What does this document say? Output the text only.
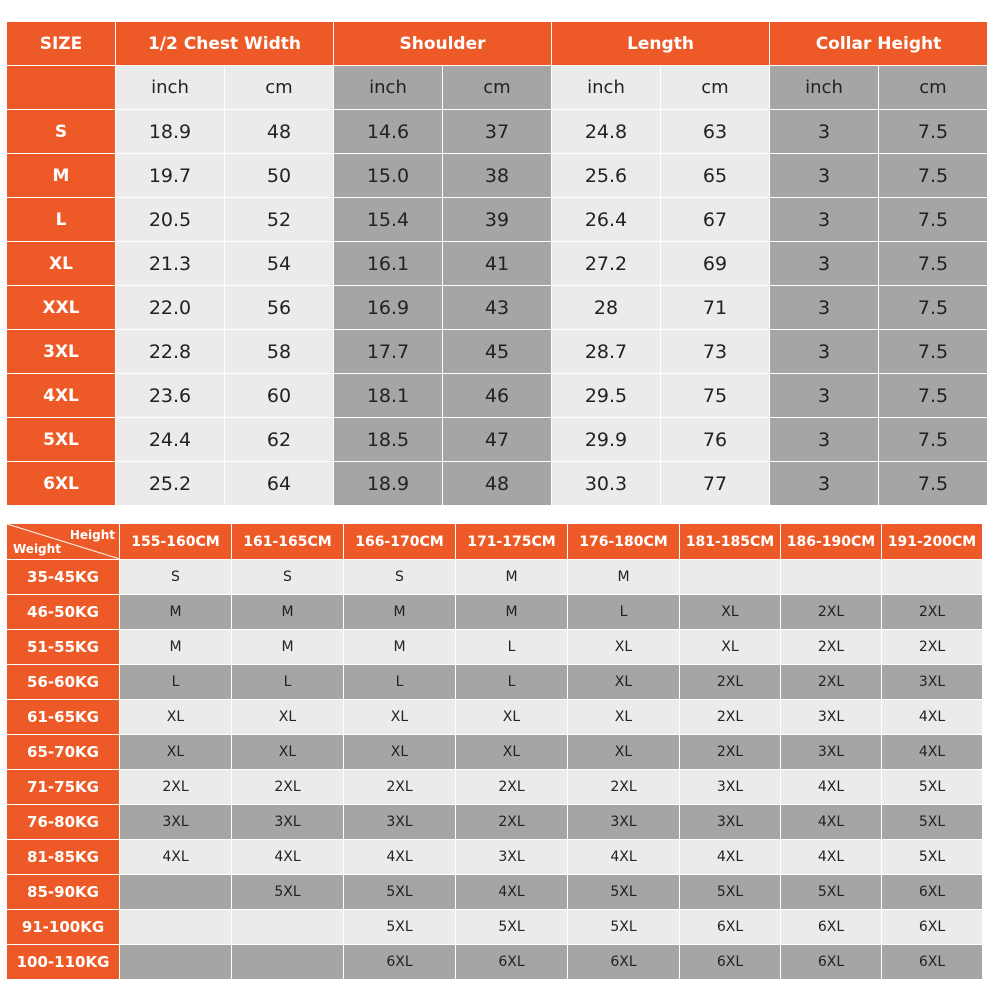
SIZE	1/2 Chest Width		Shoulder		Length		Collar Height	
	inch	cm	inch	cm	inch	cm	inch	cm
S	18.9	48	14.6	37	24.8	63	3	7.5
M	19.7	50	15.0	38	25.6	65	3	7.5
L	20.5	52	15.4	39	26.4	67	3	7.5
XL	21.3	54	16.1	41	27.2	69	3	7.5
XXL	22.0	56	16.9	43	28	71	3	7.5
3XL	22.8	58	17.7	45	28.7	73	3	7.5
4XL	23.6	60	18.1	46	29.5	75	3	7.5
5XL	24.4	62	18.5	47	29.9	76	3	7.5
6XL	25.2	64	18.9	48	30.3	77	3	7.5
Height
Weight	155-160CM	161-165CM	166-170CM	171-175CM	176-180CM	181-185CM	186-190CM	191-200CM
35-45KG	S	S	S	M	M			
46-50KG	M	M	M	M	L	XL	2XL	2XL
51-55KG	M	M	M	L	XL	XL	2XL	2XL
56-60KG	L	L	L	L	XL	2XL	2XL	3XL
61-65KG	XL	XL	XL	XL	XL	2XL	3XL	4XL
65-70KG	XL	XL	XL	XL	XL	2XL	3XL	4XL
71-75KG	2XL	2XL	2XL	2XL	2XL	3XL	4XL	5XL
76-80KG	3XL	3XL	3XL	2XL	3XL	3XL	4XL	5XL
81-85KG	4XL	4XL	4XL	3XL	4XL	4XL	4XL	5XL
85-90KG		5XL	5XL	4XL	5XL	5XL	5XL	6XL
91-100KG			5XL	5XL	5XL	6XL	6XL	6XL
100-110KG			6XL	6XL	6XL	6XL	6XL	6XL
